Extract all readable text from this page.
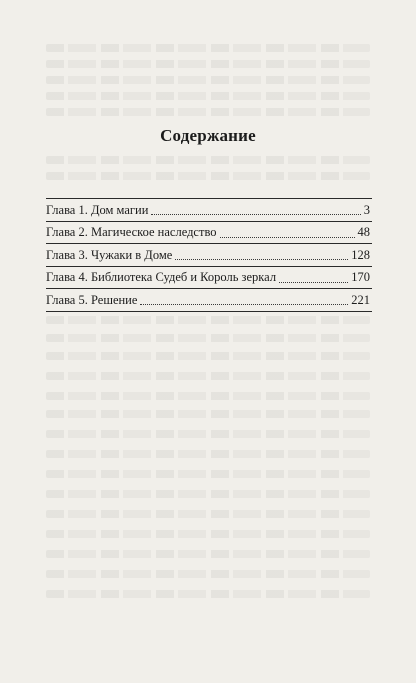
Содержание
Глава 1. Дом магии	3
Глава 2. Магическое наследство	48
Глава 3. Чужаки в Доме	128
Глава 4. Библиотека Судеб и Король зеркал	170
Глава 5. Решение	221
